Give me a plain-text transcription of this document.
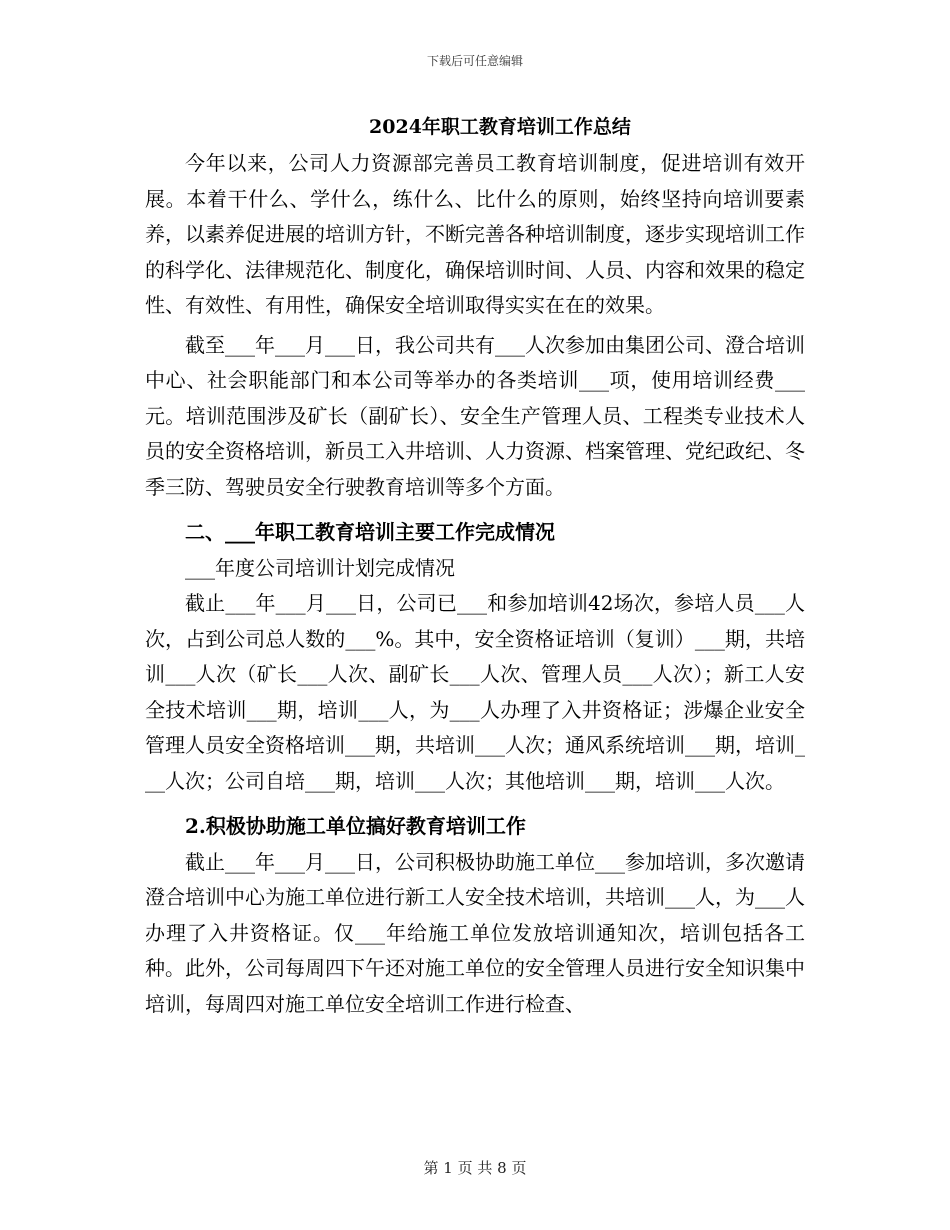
下载后可任意编辑
2024年职工教育培训工作总结

今年以来，公司人力资源部完善员工教育培训制度，促进培训有效开展。本着干什么、学什么，练什么、比什么的原则，始终坚持向培训要素养，以素养促进展的培训方针，不断完善各种培训制度，逐步实现培训工作的科学化、法律规范化、制度化，确保培训时间、人员、内容和效果的稳定性、有效性、有用性，确保安全培训取得实实在在的效果。

截至___年___月___日，我公司共有___人次参加由集团公司、澄合培训中心、社会职能部门和本公司等举办的各类培训___项，使用培训经费___元。培训范围涉及矿长（副矿长）、安全生产管理人员、工程类专业技术人员的安全资格培训，新员工入井培训、人力资源、档案管理、党纪政纪、冬季三防、驾驶员安全行驶教育培训等多个方面。

二、___年职工教育培训主要工作完成情况

___年度公司培训计划完成情况

截止___年___月___日，公司已___和参加培训42场次，参培人员___人次，占到公司总人数的___%。其中，安全资格证培训（复训）___期，共培训___人次（矿长___人次、副矿长___人次、管理人员___人次）；新工人安全技术培训___期，培训___人，为___人办理了入井资格证；涉爆企业安全管理人员安全资格培训___期，共培训___人次；通风系统培训___期，培训___人次；公司自培___期，培训___人次；其他培训___期，培训___人次。

2.积极协助施工单位搞好教育培训工作

截止___年___月___日，公司积极协助施工单位___参加培训，多次邀请澄合培训中心为施工单位进行新工人安全技术培训，共培训___人，为___人办理了入井资格证。仅___年给施工单位发放培训通知次，培训包括各工种。此外，公司每周四下午还对施工单位的安全管理人员进行安全知识集中培训，每周四对施工单位安全培训工作进行检查、

第 1 页 共 8 页
